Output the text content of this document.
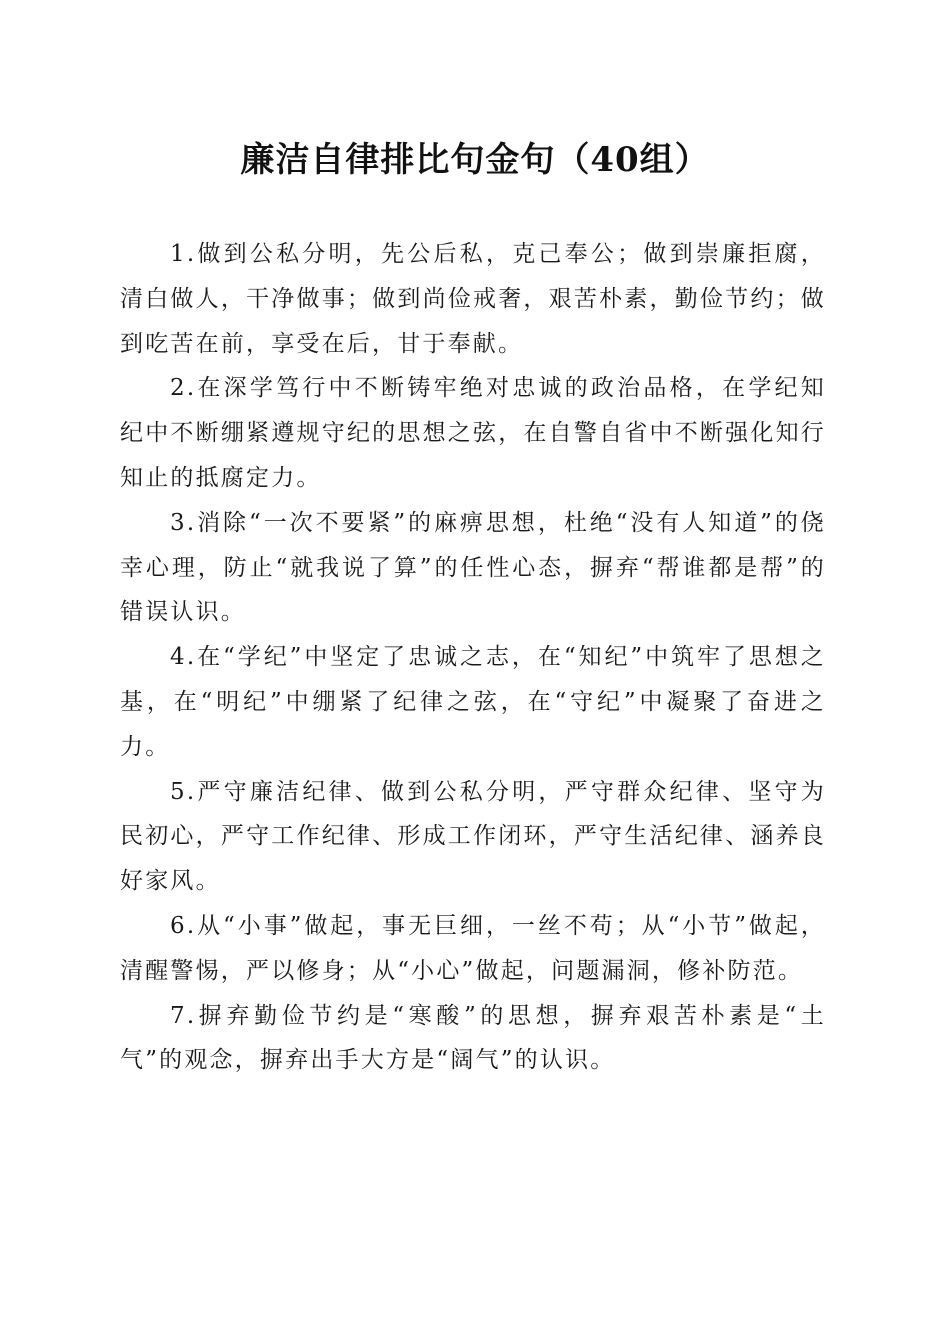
廉洁自律排比句金句（40组）

1.做到公私分明，先公后私，克己奉公；做到崇廉拒腐，清白做人，干净做事；做到尚俭戒奢，艰苦朴素，勤俭节约；做到吃苦在前，享受在后，甘于奉献。

2.在深学笃行中不断铸牢绝对忠诚的政治品格，在学纪知纪中不断绷紧遵规守纪的思想之弦，在自警自省中不断强化知行知止的抵腐定力。

3.消除“一次不要紧”的麻痹思想，杜绝“没有人知道”的侥幸心理，防止“就我说了算”的任性心态，摒弃“帮谁都是帮”的错误认识。

4.在“学纪”中坚定了忠诚之志，在“知纪”中筑牢了思想之基，在“明纪”中绷紧了纪律之弦，在“守纪”中凝聚了奋进之力。

5.严守廉洁纪律、做到公私分明，严守群众纪律、坚守为民初心，严守工作纪律、形成工作闭环，严守生活纪律、涵养良好家风。

6.从“小事”做起，事无巨细，一丝不苟；从“小节”做起，清醒警惕，严以修身；从“小心”做起，问题漏洞，修补防范。

7.摒弃勤俭节约是“寒酸”的思想，摒弃艰苦朴素是“土气”的观念，摒弃出手大方是“阔气”的认识。
